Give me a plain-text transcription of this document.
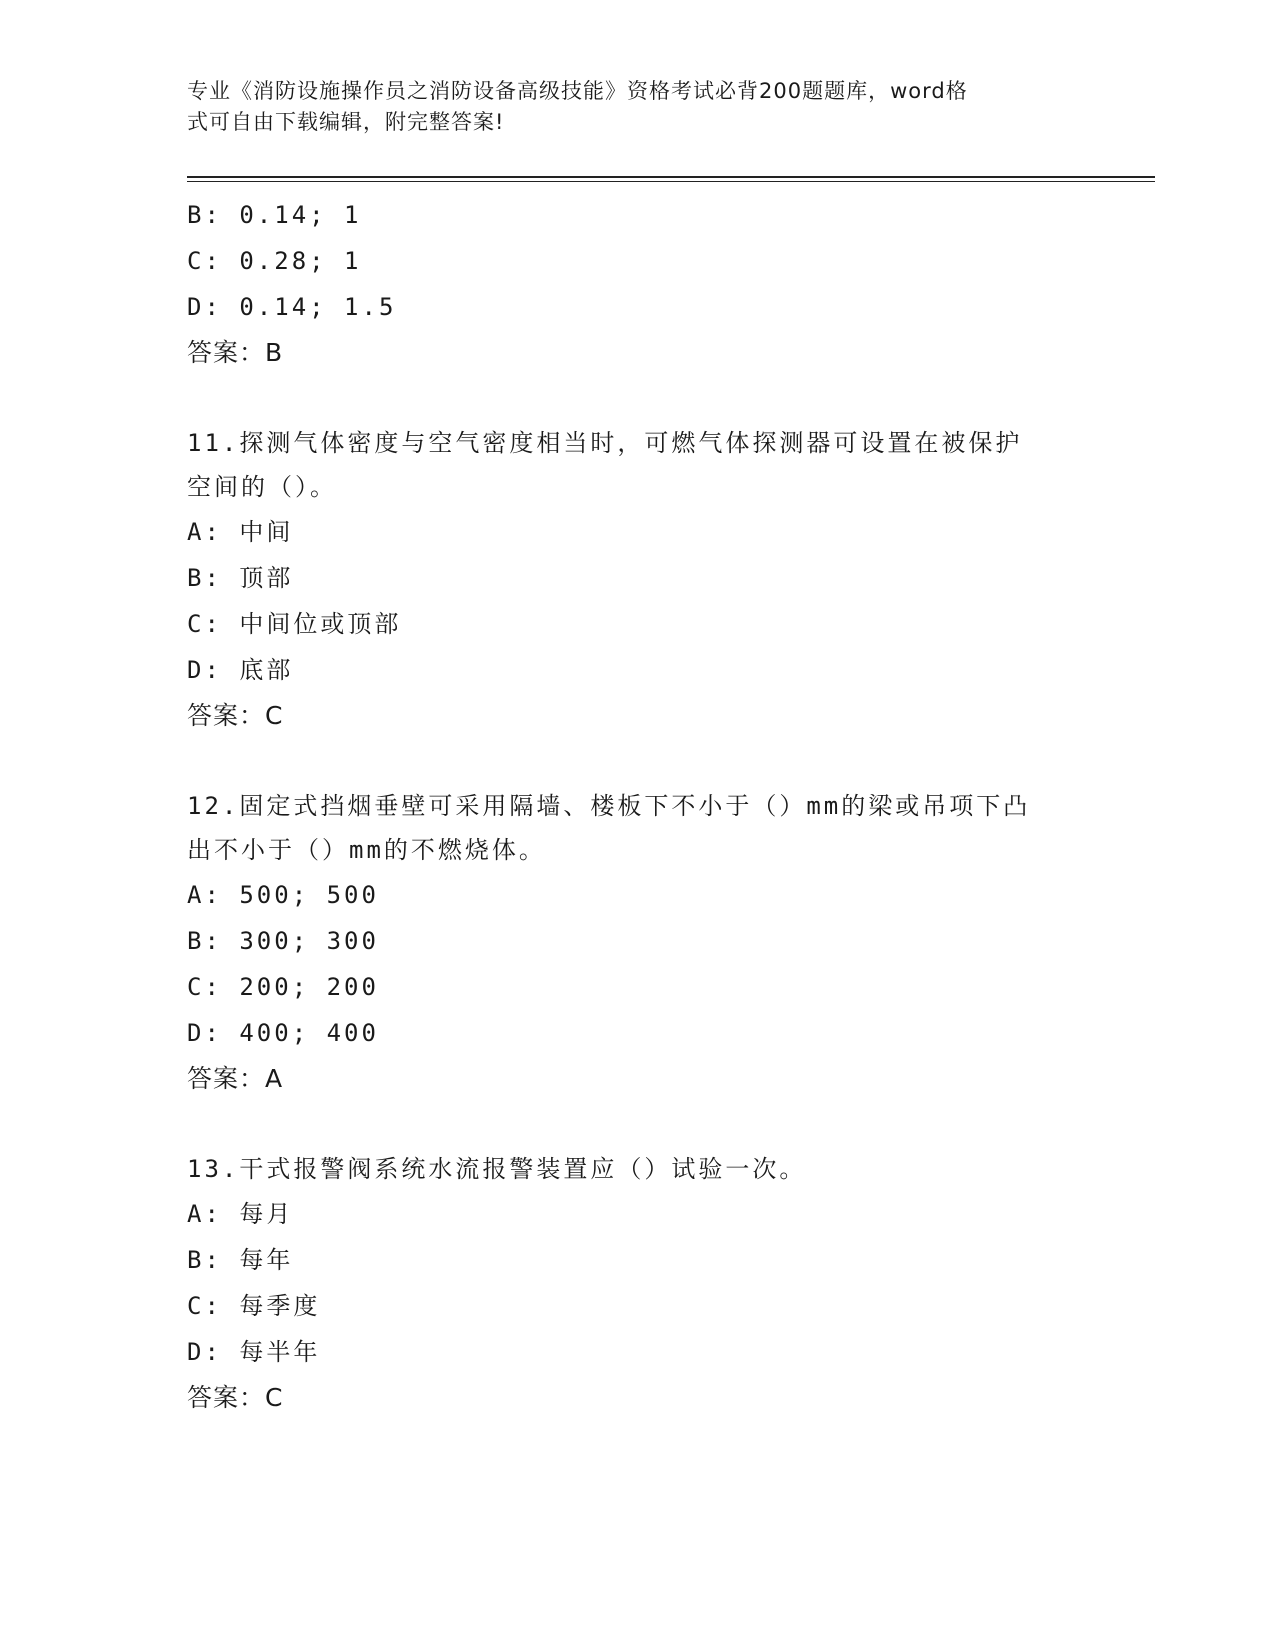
专业《消防设施操作员之消防设备高级技能》资格考试必背200题题库，word格
式可自由下载编辑，附完整答案!
B: 0.14; 1
C: 0.28; 1
D: 0.14; 1.5
答案：B
11.探测气体密度与空气密度相当时，可燃气体探测器可设置在被保护
空间的（）。
A: 中间
B: 顶部
C: 中间位或顶部
D: 底部
答案：C
12.固定式挡烟垂壁可采用隔墙、楼板下不小于（）mm的梁或吊项下凸
出不小于（）mm的不燃烧体。
A: 500; 500
B: 300; 300
C: 200; 200
D: 400; 400
答案：A
13.干式报警阀系统水流报警装置应（）试验一次。
A: 每月
B: 每年
C: 每季度
D: 每半年
答案：C
